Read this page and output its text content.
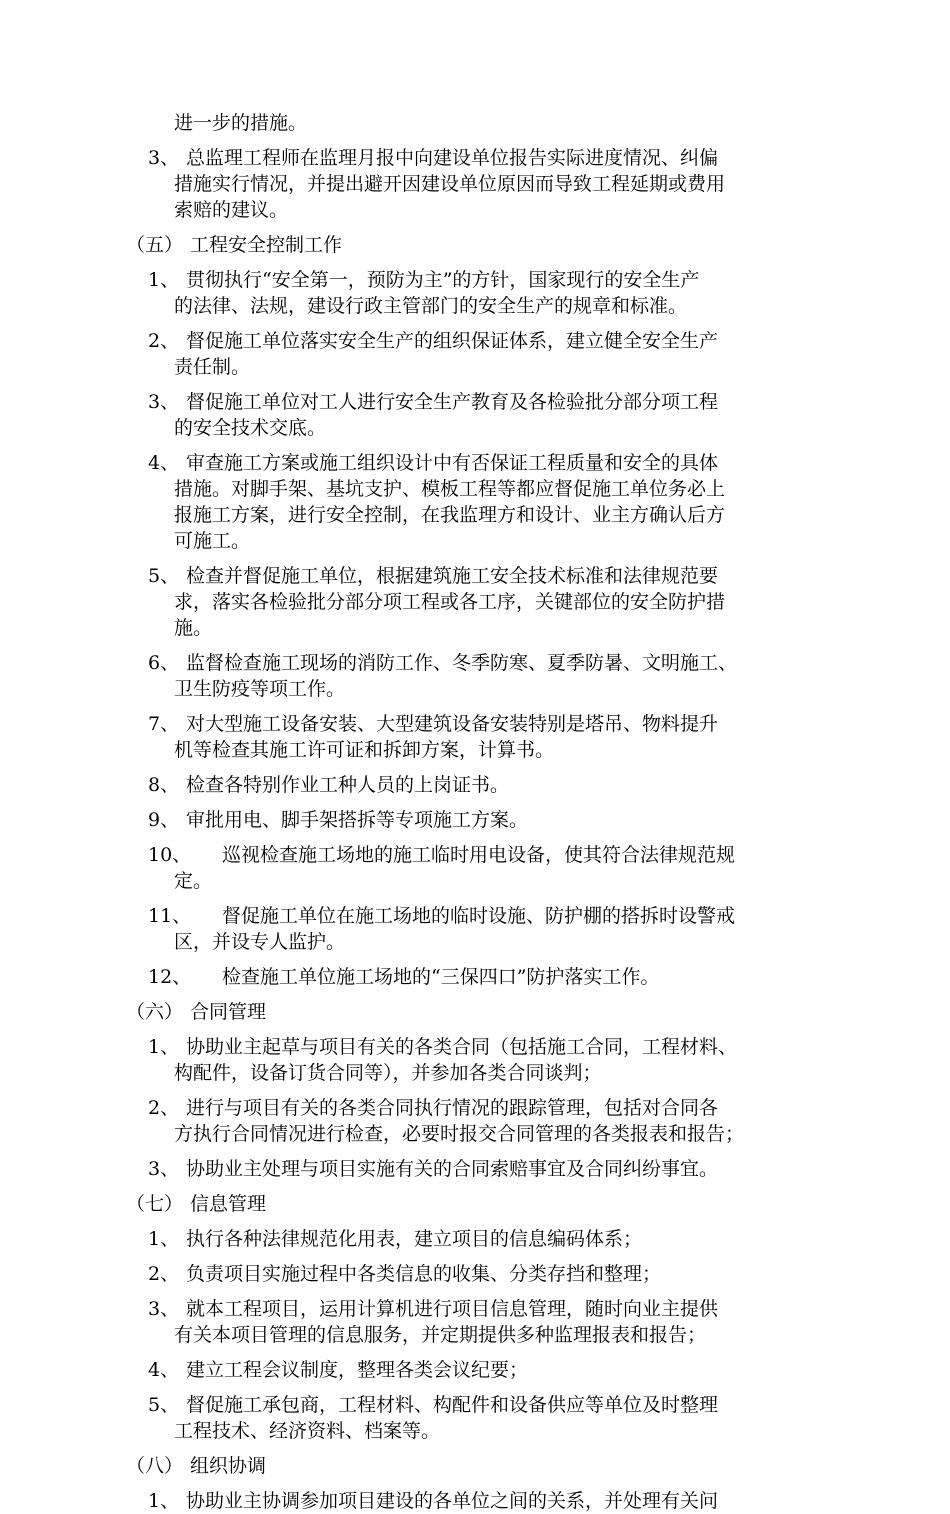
进一步的措施。
3、 总监理工程师在监理月报中向建设单位报告实际进度情况、纠偏
措施实行情况，并提出避开因建设单位原因而导致工程延期或费用
索赔的建议。
（五） 工程安全控制工作
1、 贯彻执行“安全第一，预防为主”的方针，国家现行的安全生产
的法律、法规，建设行政主管部门的安全生产的规章和标准。
2、 督促施工单位落实安全生产的组织保证体系，建立健全安全生产
责任制。
3、 督促施工单位对工人进行安全生产教育及各检验批分部分项工程
的安全技术交底。
4、 审查施工方案或施工组织设计中有否保证工程质量和安全的具体
措施。对脚手架、基坑支护、模板工程等都应督促施工单位务必上
报施工方案，进行安全控制，在我监理方和设计、业主方确认后方
可施工。
5、 检查并督促施工单位，根据建筑施工安全技术标准和法律规范要
求，落实各检验批分部分项工程或各工序，关键部位的安全防护措
施。
6、 监督检查施工现场的消防工作、冬季防寒、夏季防暑、文明施工、
卫生防疫等项工作。
7、 对大型施工设备安装、大型建筑设备安装特别是塔吊、物料提升
机等检查其施工许可证和拆卸方案，计算书。
8、 检查各特别作业工种人员的上岗证书。
9、 审批用电、脚手架搭拆等专项施工方案。
10、 巡视检查施工场地的施工临时用电设备，使其符合法律规范规
定。
11、 督促施工单位在施工场地的临时设施、防护棚的搭拆时设警戒
区，并设专人监护。
12、 检查施工单位施工场地的“三保四口”防护落实工作。
（六） 合同管理
1、 协助业主起草与项目有关的各类合同（包括施工合同，工程材料、
构配件，设备订货合同等），并参加各类合同谈判；
2、 进行与项目有关的各类合同执行情况的跟踪管理，包括对合同各
方执行合同情况进行检查，必要时报交合同管理的各类报表和报告；
3、 协助业主处理与项目实施有关的合同索赔事宜及合同纠纷事宜。
（七） 信息管理
1、 执行各种法律规范化用表，建立项目的信息编码体系；
2、 负责项目实施过程中各类信息的收集、分类存挡和整理；
3、 就本工程项目，运用计算机进行项目信息管理，随时向业主提供
有关本项目管理的信息服务，并定期提供多种监理报表和报告；
4、 建立工程会议制度，整理各类会议纪要；
5、 督促施工承包商，工程材料、构配件和设备供应等单位及时整理
工程技术、经济资料、档案等。
（八） 组织协调
1、 协助业主协调参加项目建设的各单位之间的关系，并处理有关问
